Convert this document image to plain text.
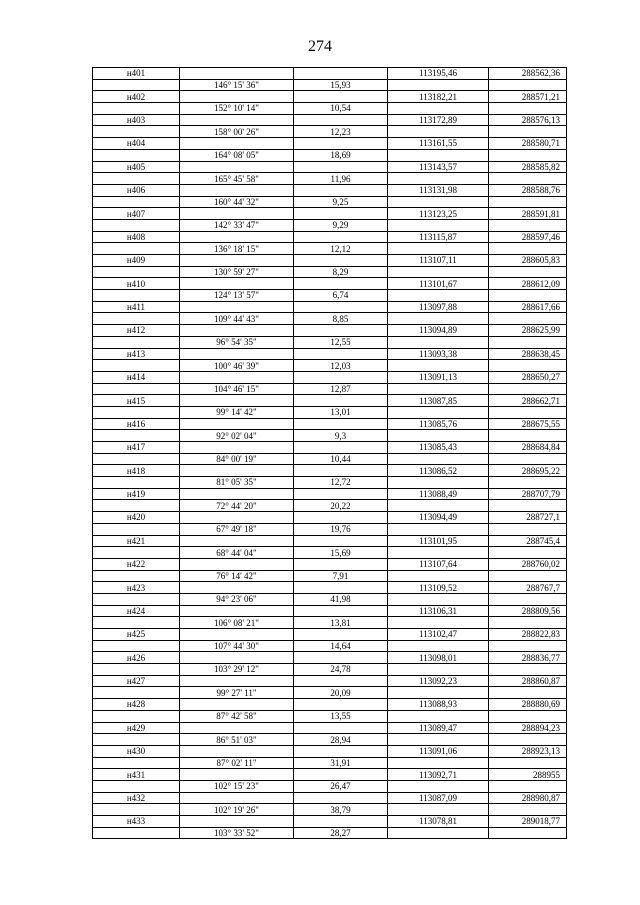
274
н401			113195,46	288562,36
	146° 15' 36"	15,93		
н402			113182,21	288571,21
	152° 10' 14"	10,54		
н403			113172,89	288576,13
	158° 00' 26"	12,23		
н404			113161,55	288580,71
	164° 08' 05"	18,69		
н405			113143,57	288585,82
	165° 45' 58"	11,96		
н406			113131,98	288588,76
	160° 44' 32"	9,25		
н407			113123,25	288591,81
	142° 33' 47"	9,29		
н408			113115,87	288597,46
	136° 18' 15"	12,12		
н409			113107,11	288605,83
	130° 59' 27"	8,29		
н410			113101,67	288612,09
	124° 13' 57"	6,74		
н411			113097,88	288617,66
	109° 44' 43"	8,85		
н412			113094,89	288625,99
	96° 54' 35"	12,55		
н413			113093,38	288638,45
	100° 46' 39"	12,03		
н414			113091,13	288650,27
	104° 46' 15"	12,87		
н415			113087,85	288662,71
	99° 14' 42"	13,01		
н416			113085,76	288675,55
	92° 02' 04"	9,3		
н417			113085,43	288684,84
	84° 00' 19"	10,44		
н418			113086,52	288695,22
	81° 05' 35"	12,72		
н419			113088,49	288707,79
	72° 44' 20"	20,22		
н420			113094,49	288727,1
	67° 49' 18"	19,76		
н421			113101,95	288745,4
	68° 44' 04"	15,69		
н422			113107,64	288760,02
	76° 14' 42"	7,91		
н423			113109,52	288767,7
	94° 23' 06"	41,98		
н424			113106,31	288809,56
	106° 08' 21"	13,81		
н425			113102,47	288822,83
	107° 44' 30"	14,64		
н426			113098,01	288836,77
	103° 29' 12"	24,78		
н427			113092,23	288860,87
	99° 27' 11"	20,09		
н428			113088,93	288880,69
	87° 42' 58"	13,55		
н429			113089,47	288894,23
	86° 51' 03"	28,94		
н430			113091,06	288923,13
	87° 02' 11"	31,91		
н431			113092,71	288955
	102° 15' 23"	26,47		
н432			113087,09	288980,87
	102° 19' 26"	38,79		
н433			113078,81	289018,77
	103° 33' 52"	28,27		
